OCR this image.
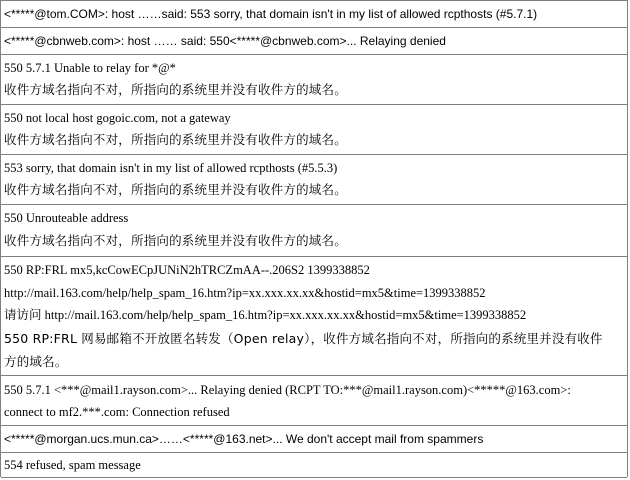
<*****@tom.COM>: host ……said: 553 sorry, that domain isn't in my list of allowed rcpthosts (#5.7.1)
<*****@cbnweb.com>: host …… said: 550<*****@cbnweb.com>... Relaying denied
550 5.7.1 Unable to relay for *@*
收件方域名指向不对，所指向的系统里并没有收件方的域名。
550 not local host gogoic.com, not a gateway
收件方域名指向不对，所指向的系统里并没有收件方的域名。
553 sorry, that domain isn't in my list of allowed rcpthosts (#5.5.3)
收件方域名指向不对，所指向的系统里并没有收件方的域名。
550 Unrouteable address
收件方域名指向不对，所指向的系统里并没有收件方的域名。
550 RP:FRL mx5,kcCowECpJUNiN2hTRCZmAA--.206S2 1399338852
http://mail.163.com/help/help_spam_16.htm?ip=xx.xxx.xx.xx&hostid=mx5&time=1399338852
请访问 http://mail.163.com/help/help_spam_16.htm?ip=xx.xxx.xx.xx&hostid=mx5&time=1399338852
550 RP:FRL 网易邮箱不开放匿名转发（Open relay），收件方域名指向不对，所指向的系统里并没有收件
方的域名。
550 5.7.1 <***@mail1.rayson.com>... Relaying denied (RCPT TO:***@mail1.rayson.com)<*****@163.com>:
connect to mf2.***.com: Connection refused
<*****@morgan.ucs.mun.ca>……<*****@163.net>... We don't accept mail from spammers
554 refused, spam message
